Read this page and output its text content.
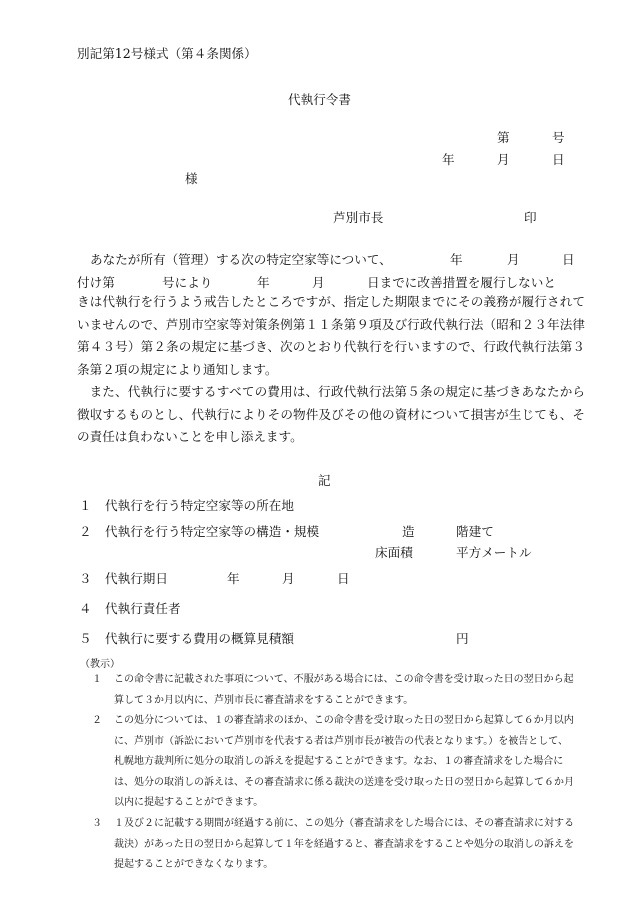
別記第12号様式（第４条関係）
代執行令書
第	号
年	月	日
様
芦別市長	印
あなたが所有（管理）する次の特定空家等について、	年	月	日
付け第	号により	年	月	日までに改善措置を履行しないと
きは代執行を行うよう戒告したところですが、指定した期限までにその義務が履行されていませんので、芦別市空家等対策条例第１１条第９項及び行政代執行法（昭和２３年法律第４３号）第２条の規定に基づき、次のとおり代執行を行いますので、行政代執行法第３条第２項の規定により通知します。
また、代執行に要するすべての費用は、行政代執行法第５条の規定に基づきあなたから徴収するものとし、代執行によりその物件及びその他の資材について損害が生じても、その責任は負わないことを申し添えます。
記
１ 代執行を行う特定空家等の所在地
２ 代執行を行う特定空家等の構造・規模	造	階建て
床面積	平方メートル
３ 代執行期日	年	月	日
４ 代執行責任者
５ 代執行に要する費用の概算見積額	円
（教示）
１	この命令書に記載された事項について、不服がある場合には、この命令書を受け取った日の翌日から起算して３か月以内に、芦別市長に審査請求をすることができます。
２	この処分については、１の審査請求のほか、この命令書を受け取った日の翌日から起算して６か月以内に、芦別市（訴訟において芦別市を代表する者は芦別市長が被告の代表となります。）を被告として、札幌地方裁判所に処分の取消しの訴えを提起することができます。なお、１の審査請求をした場合には、処分の取消しの訴えは、その審査請求に係る裁決の送達を受け取った日の翌日から起算して６か月以内に提起することができます。
３	１及び２に記載する期間が経過する前に、この処分（審査請求をした場合には、その審査請求に対する裁決）があった日の翌日から起算して１年を経過すると、審査請求をすることや処分の取消しの訴えを提起することができなくなります。
